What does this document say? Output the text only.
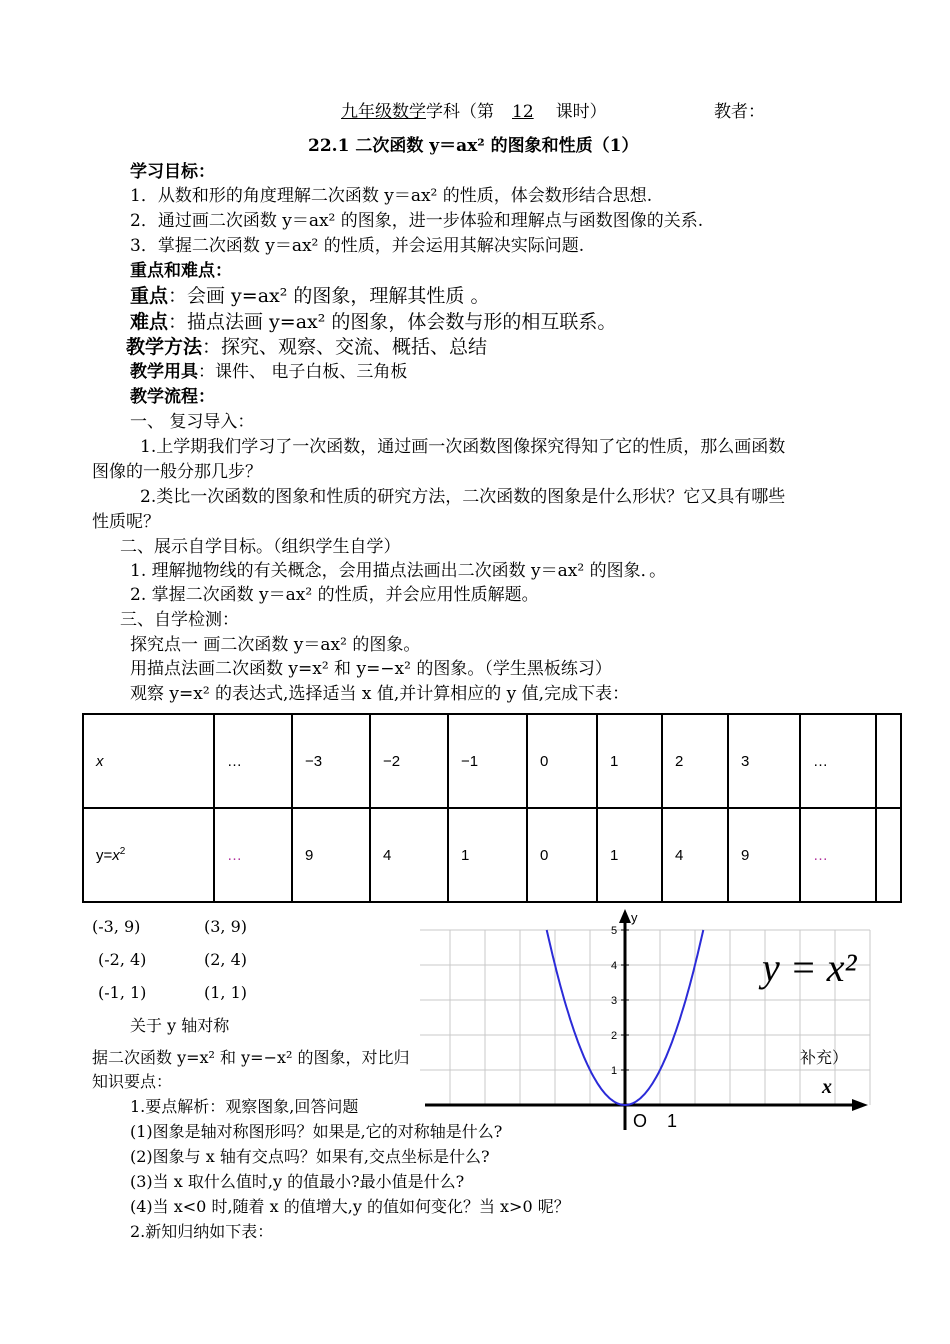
九年级数学学科（第 12 课时）	教者：
22.1 二次函数 y＝ax² 的图象和性质（1）
学习目标：
1．从数和形的角度理解二次函数 y＝ax² 的性质，体会数形结合思想.
2．通过画二次函数 y＝ax² 的图象，进一步体验和理解点与函数图像的关系.
3．掌握二次函数 y＝ax² 的性质，并会运用其解决实际问题.
重点和难点：
重点：会画 y=ax² 的图象，理解其性质 。
难点：描点法画 y=ax² 的图象，体会数与形的相互联系。
教学方法：探究、观察、交流、概括、总结
教学用具：课件、 电子白板、三角板
教学流程：
一、 复习导入：
1.上学期我们学习了一次函数，通过画一次函数图像探究得知了它的性质，那么画函数
图像的一般分那几步？
2.类比一次函数的图象和性质的研究方法，二次函数的图象是什么形状？它又具有哪些
性质呢？
二、展示自学目标。（组织学生自学）
1. 理解抛物线的有关概念，会用描点法画出二次函数 y＝ax² 的图象．。
2. 掌握二次函数 y＝ax² 的性质，并会应用性质解题。
三、自学检测：
探究点一 画二次函数 y＝ax² 的图象。
用描点法画二次函数 y=x² 和 y=−x² 的图象。（学生黑板练习）
观察 y=x² 的表达式,选择适当 x 值,并计算相应的 y 值,完成下表：
x	…	−3	−2	−1	0	1	2	3	…	
$y=x^2$	…	9	4	1	0	1	4	9	…	
(-3, 9)	(3, 9)
(-2, 4)	(2, 4)
(-1, 1)	(1, 1)
关于 y 轴对称
据二次函数 y=x² 和 y=−x² 的图象，对比归
知识要点：
1.要点解析：观察图象,回答问题
1
2
3
4
5
y
x
O 1
y = x²
补充）
(1)图象是轴对称图形吗？如果是,它的对称轴是什么?
(2)图象与 x 轴有交点吗？如果有,交点坐标是什么?
(3)当 x 取什么值时,y 的值最小?最小值是什么?
(4)当 x<0 时,随着 x 的值增大,y 的值如何变化？当 x>0 呢？
2.新知归纳如下表：
